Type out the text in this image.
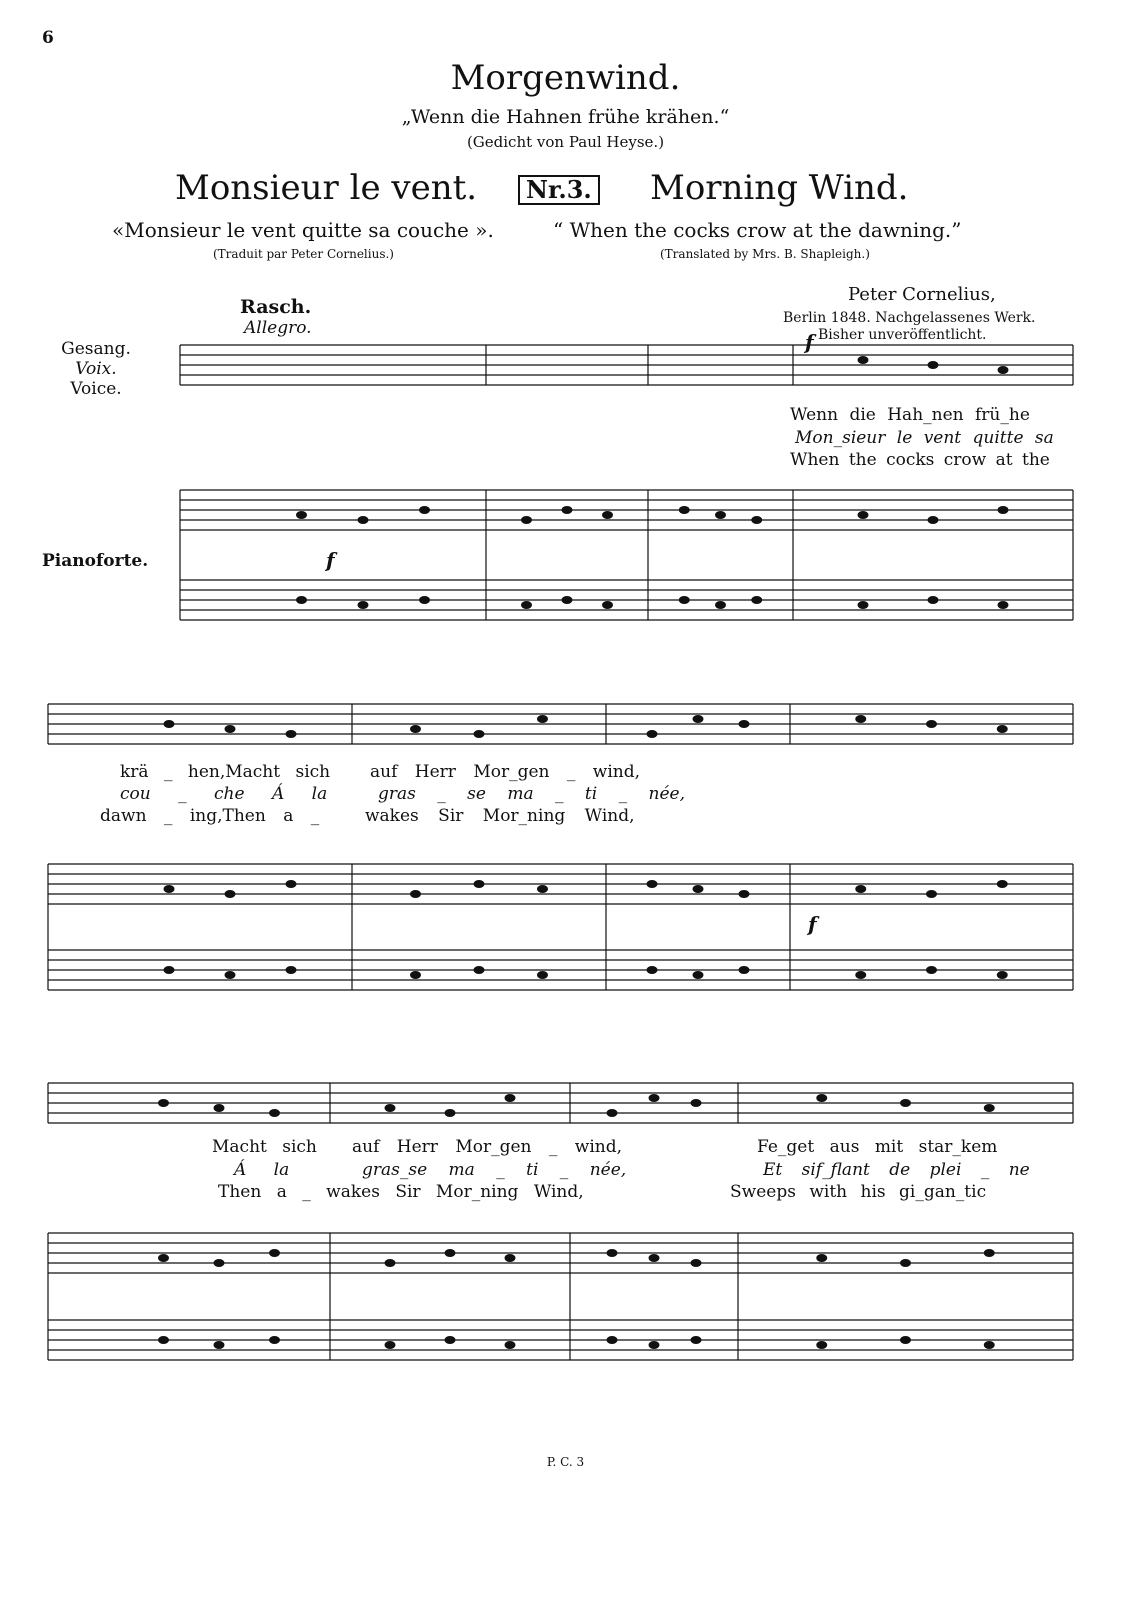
6
Morgenwind.
„Wenn die Hahnen frühe krähen.“
(Gedicht von Paul Heyse.)
Monsieur le vent.	Nr.3. Morning Wind.
«Monsieur le vent quitte sa couche ».	“ When the cocks crow at the dawning.”
(Traduit par Peter Cornelius.)	(Translated by Mrs. B. Shapleigh.)
Rasch.
Allegro.
Peter Cornelius,
Berlin 1848. Nachgelassenes Werk.
Bisher unveröffentlicht.
Gesang.
Voix.
Voice.
Pianoforte.
f
f
f
Wenn die Hah_nen frü_he
Mon_sieur le vent quitte sa
When the cocks crow at the
krä _ hen,Macht sich auf Herr Mor_gen _ wind,
cou _ che Á la	gras _ se ma _ ti _ née,
dawn _ ing,Then a _	wakes Sir Mor_ning Wind,
Macht sich auf Herr Mor_gen _ wind,	Fe_get aus mit star_kem
Á la	gras_se ma _ ti _ née,	Et sif_flant de plei _ ne
Then a _ wakes Sir Mor_ning Wind,	Sweeps with his gi_gan_tic
P. C. 3
